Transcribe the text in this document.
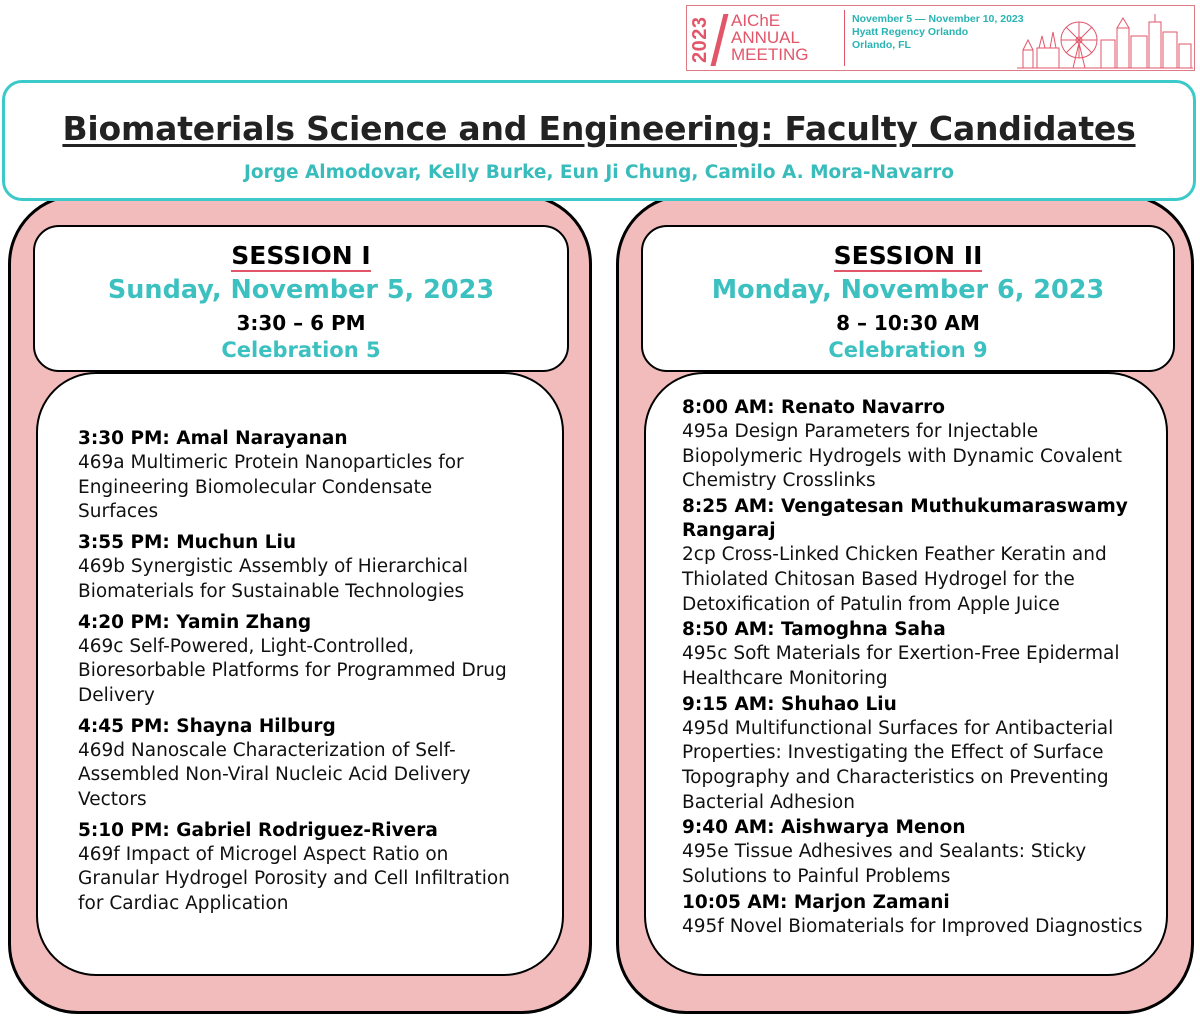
2023 AIChE
ANNUAL
MEETING
November 5 — November 10, 2023
Hyatt Regency Orlando
Orlando, FL
Biomaterials Science and Engineering: Faculty Candidates
Jorge Almodovar, Kelly Burke, Eun Ji Chung, Camilo A. Mora-Navarro
SESSION I
Sunday, November 5, 2023
3:30 – 6 PM
Celebration 5
3:30 PM: Amal Narayanan
469a Multimeric Protein Nanoparticles for Engineering Biomolecular Condensate Surfaces
3:55 PM: Muchun Liu
469b Synergistic Assembly of Hierarchical Biomaterials for Sustainable Technologies
4:20 PM: Yamin Zhang
469c Self-Powered, Light-Controlled, Bioresorbable Platforms for Programmed Drug Delivery
4:45 PM: Shayna Hilburg
469d Nanoscale Characterization of Self-Assembled Non-Viral Nucleic Acid Delivery Vectors
5:10 PM: Gabriel Rodriguez-Rivera
469f Impact of Microgel Aspect Ratio on Granular Hydrogel Porosity and Cell Infiltration for Cardiac Application
SESSION II
Monday, November 6, 2023
8 – 10:30 AM
Celebration 9
8:00 AM: Renato Navarro
495a Design Parameters for Injectable Biopolymeric Hydrogels with Dynamic Covalent Chemistry Crosslinks
8:25 AM: Vengatesan Muthukumaraswamy Rangaraj
2cp Cross-Linked Chicken Feather Keratin and Thiolated Chitosan Based Hydrogel for the Detoxification of Patulin from Apple Juice
8:50 AM: Tamoghna Saha
495c Soft Materials for Exertion-Free Epidermal Healthcare Monitoring
9:15 AM: Shuhao Liu
495d Multifunctional Surfaces for Antibacterial Properties: Investigating the Effect of Surface Topography and Characteristics on Preventing Bacterial Adhesion
9:40 AM: Aishwarya Menon
495e Tissue Adhesives and Sealants: Sticky Solutions to Painful Problems
10:05 AM: Marjon Zamani
495f Novel Biomaterials for Improved Diagnostics
